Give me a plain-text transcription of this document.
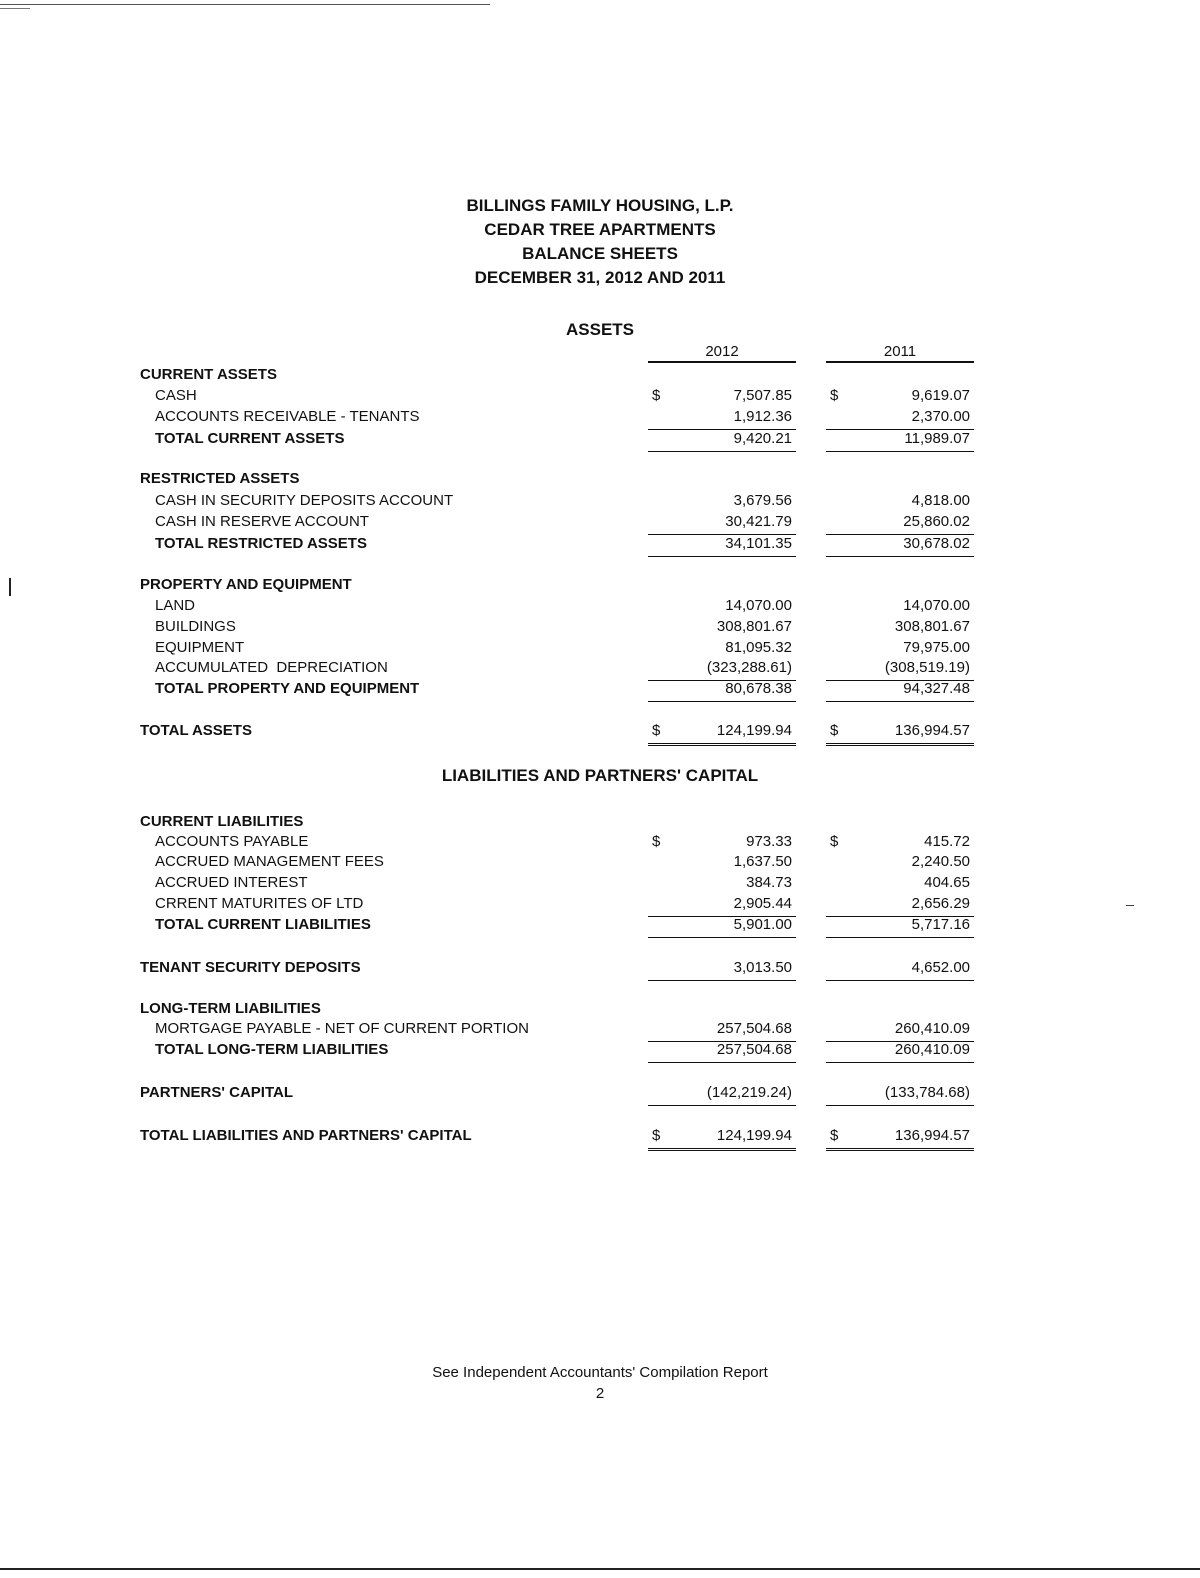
BILLINGS FAMILY HOUSING, L.P.
CEDAR TREE APARTMENTS
BALANCE SHEETS
DECEMBER 31, 2012 AND 2011
ASSETS
2012	2011
CURRENT ASSETS
CASH	$	7,507.85	$	9,619.07
ACCOUNTS RECEIVABLE - TENANTS	1,912.36	2,370.00
TOTAL CURRENT ASSETS	9,420.21	11,989.07
RESTRICTED ASSETS
CASH IN SECURITY DEPOSITS ACCOUNT	3,679.56	4,818.00
CASH IN RESERVE ACCOUNT	30,421.79	25,860.02
TOTAL RESTRICTED ASSETS	34,101.35	30,678.02
PROPERTY AND EQUIPMENT
LAND	14,070.00	14,070.00
BUILDINGS	308,801.67	308,801.67
EQUIPMENT	81,095.32	79,975.00
ACCUMULATED  DEPRECIATION	(323,288.61)	(308,519.19)
TOTAL PROPERTY AND EQUIPMENT	80,678.38	94,327.48
TOTAL ASSETS	$	124,199.94	$	136,994.57
LIABILITIES AND PARTNERS' CAPITAL
CURRENT LIABILITIES
ACCOUNTS PAYABLE	$	973.33	$	415.72
ACCRUED MANAGEMENT FEES	1,637.50	2,240.50
ACCRUED INTEREST	384.73	404.65
CRRENT MATURITES OF LTD	2,905.44	2,656.29
TOTAL CURRENT LIABILITIES	5,901.00	5,717.16
TENANT SECURITY DEPOSITS	3,013.50	4,652.00
LONG-TERM LIABILITIES
MORTGAGE PAYABLE - NET OF CURRENT PORTION	257,504.68	260,410.09
TOTAL LONG-TERM LIABILITIES	257,504.68	260,410.09
PARTNERS' CAPITAL	(142,219.24)	(133,784.68)
TOTAL LIABILITIES AND PARTNERS' CAPITAL	$	124,199.94	$	136,994.57
See Independent Accountants' Compilation Report
2
